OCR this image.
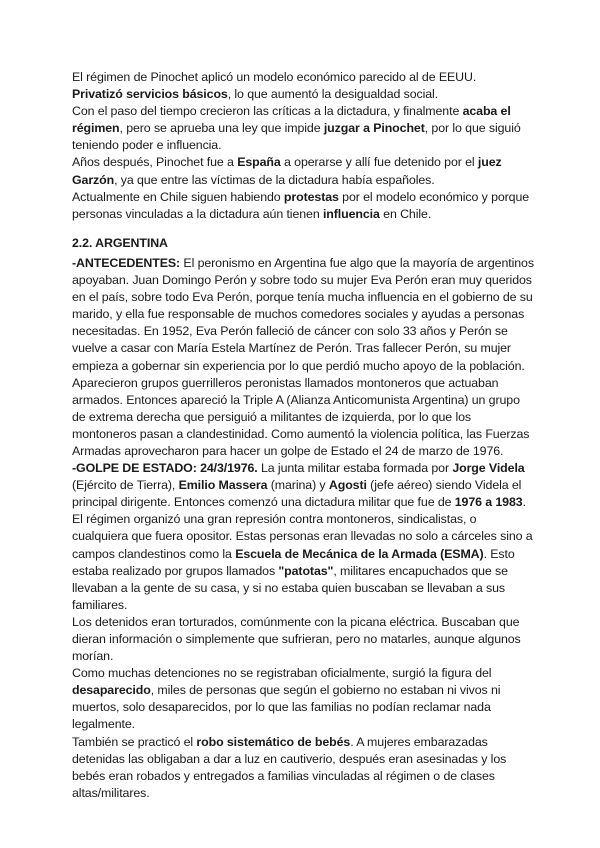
El régimen de Pinochet aplicó un modelo económico parecido al de EEUU.

Privatizó servicios básicos, lo que aumentó la desigualdad social.

Con el paso del tiempo crecieron las críticas a la dictadura, y finalmente acaba el régimen, pero se aprueba una ley que impide juzgar a Pinochet, por lo que siguió teniendo poder e influencia.

Años después, Pinochet fue a España a operarse y allí fue detenido por el juez Garzón, ya que entre las víctimas de la dictadura había españoles.

Actualmente en Chile siguen habiendo protestas por el modelo económico y porque personas vinculadas a la dictadura aún tienen influencia en Chile.

2.2. ARGENTINA

-ANTECEDENTES: El peronismo en Argentina fue algo que la mayoría de argentinos apoyaban. Juan Domingo Perón y sobre todo su mujer Eva Perón eran muy queridos en el país, sobre todo Eva Perón, porque tenía mucha influencia en el gobierno de su marido, y ella fue responsable de muchos comedores sociales y ayudas a personas necesitadas. En 1952, Eva Perón falleció de cáncer con solo 33 años y Perón se vuelve a casar con María Estela Martínez de Perón. Tras fallecer Perón, su mujer empieza a gobernar sin experiencia por lo que perdió mucho apoyo de la población. Aparecieron grupos guerrilleros peronistas llamados montoneros que actuaban armados. Entonces apareció la Triple A (Alianza Anticomunista Argentina) un grupo de extrema derecha que persiguió a militantes de izquierda, por lo que los montoneros pasan a clandestinidad. Como aumentó la violencia política, las Fuerzas Armadas aprovecharon para hacer un golpe de Estado el 24 de marzo de 1976.

-GOLPE DE ESTADO: 24/3/1976. La junta militar estaba formada por Jorge Videla (Ejército de Tierra), Emilio Massera (marina) y Agosti (jefe aéreo) siendo Videla el principal dirigente. Entonces comenzó una dictadura militar que fue de 1976 a 1983.

El régimen organizó una gran represión contra montoneros, sindicalistas, o cualquiera que fuera opositor. Estas personas eran llevadas no solo a cárceles sino a campos clandestinos como la Escuela de Mecánica de la Armada (ESMA). Esto estaba realizado por grupos llamados "patotas", militares encapuchados que se llevaban a la gente de su casa, y si no estaba quien buscaban se llevaban a sus familiares.

Los detenidos eran torturados, comúnmente con la picana eléctrica. Buscaban que dieran información o simplemente que sufrieran, pero no matarles, aunque algunos morían.

Como muchas detenciones no se registraban oficialmente, surgió la figura del desaparecido, miles de personas que según el gobierno no estaban ni vivos ni muertos, solo desaparecidos, por lo que las familias no podían reclamar nada legalmente.

También se practicó el robo sistemático de bebés. A mujeres embarazadas detenidas las obligaban a dar a luz en cautiverio, después eran asesinadas y los bebés eran robados y entregados a familias vinculadas al régimen o de clases altas/militares.
